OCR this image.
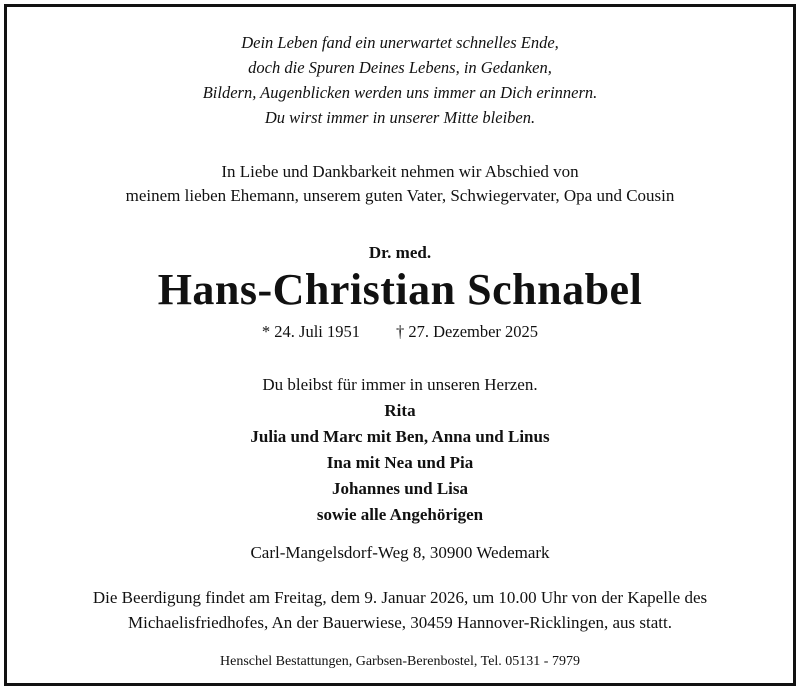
Dein Leben fand ein unerwartet schnelles Ende,
doch die Spuren Deines Lebens, in Gedanken,
Bildern, Augenblicken werden uns immer an Dich erinnern.
Du wirst immer in unserer Mitte bleiben.
In Liebe und Dankbarkeit nehmen wir Abschied von
meinem lieben Ehemann, unserem guten Vater, Schwiegervater, Opa und Cousin
Dr. med.
Hans-Christian Schnabel
* 24. Juli 1951 † 27. Dezember 2025
Du bleibst für immer in unseren Herzen.
Rita
Julia und Marc mit Ben, Anna und Linus
Ina mit Nea und Pia
Johannes und Lisa
sowie alle Angehörigen
Carl-Mangelsdorf-Weg 8, 30900 Wedemark
Die Beerdigung findet am Freitag, dem 9. Januar 2026, um 10.00 Uhr von der Kapelle des
Michaelisfriedhofes, An der Bauerwiese, 30459 Hannover-Ricklingen, aus statt.
Henschel Bestattungen, Garbsen-Berenbostel, Tel. 05131 - 7979
